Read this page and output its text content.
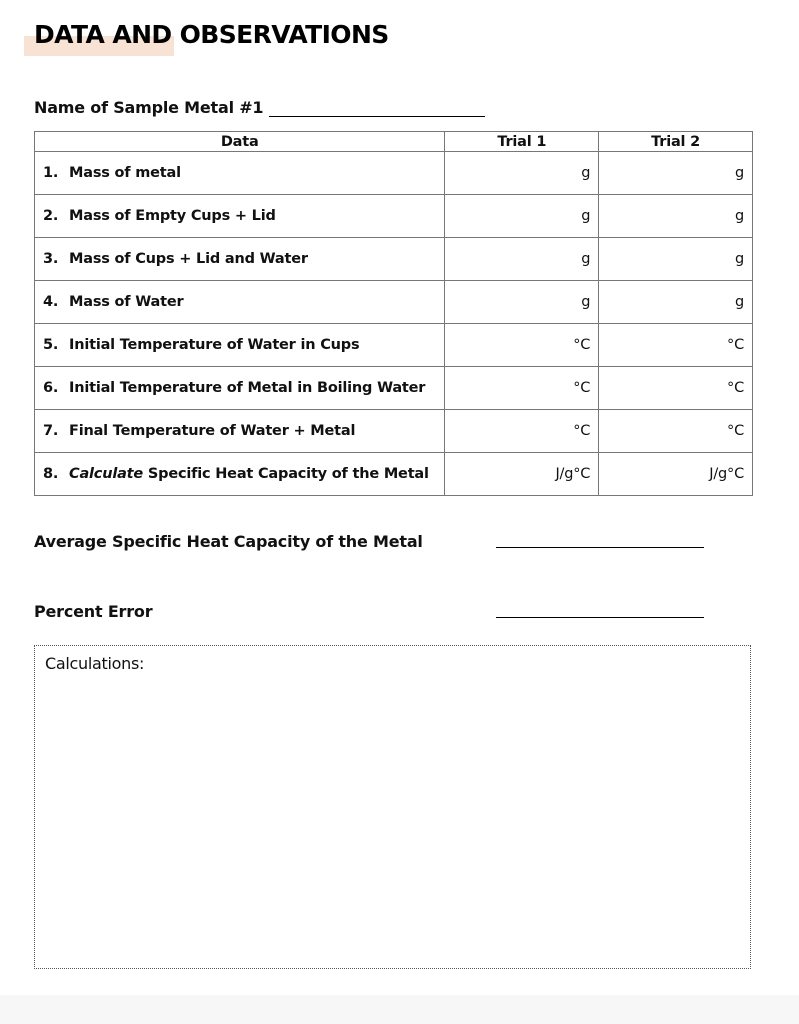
DATA AND OBSERVATIONS
Name of Sample Metal #1
Data	Trial 1	Trial 2
1. Mass of metal	g	g
2. Mass of Empty Cups + Lid	g	g
3. Mass of Cups + Lid and Water	g	g
4. Mass of Water	g	g
5. Initial Temperature of Water in Cups	°C	°C
6. Initial Temperature of Metal in Boiling Water	°C	°C
7. Final Temperature of Water + Metal	°C	°C
8. Calculate Specific Heat Capacity of the Metal	J/g°C	J/g°C
Average Specific Heat Capacity of the Metal
Percent Error
Calculations:
